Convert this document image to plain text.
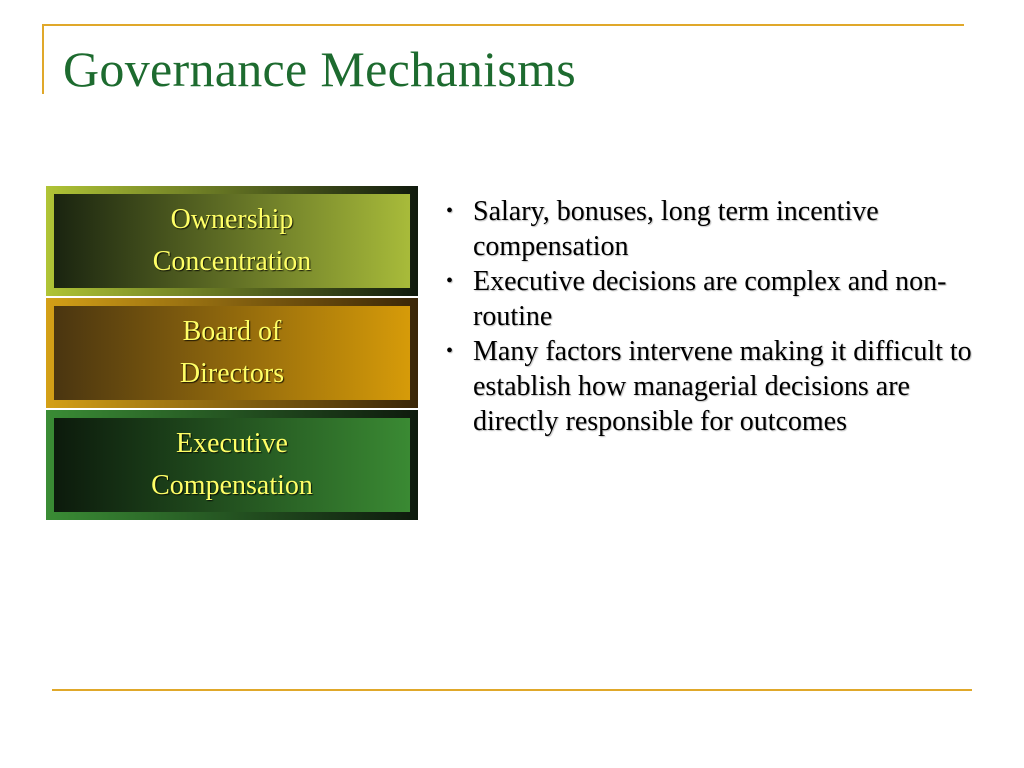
Governance Mechanisms
Ownership
Concentration
Board of
Directors
Executive
Compensation
• Salary, bonuses, long term incentive compensation
• Executive decisions are complex and non-routine
• Many factors intervene making it difficult to establish how managerial decisions are directly responsible for outcomes
